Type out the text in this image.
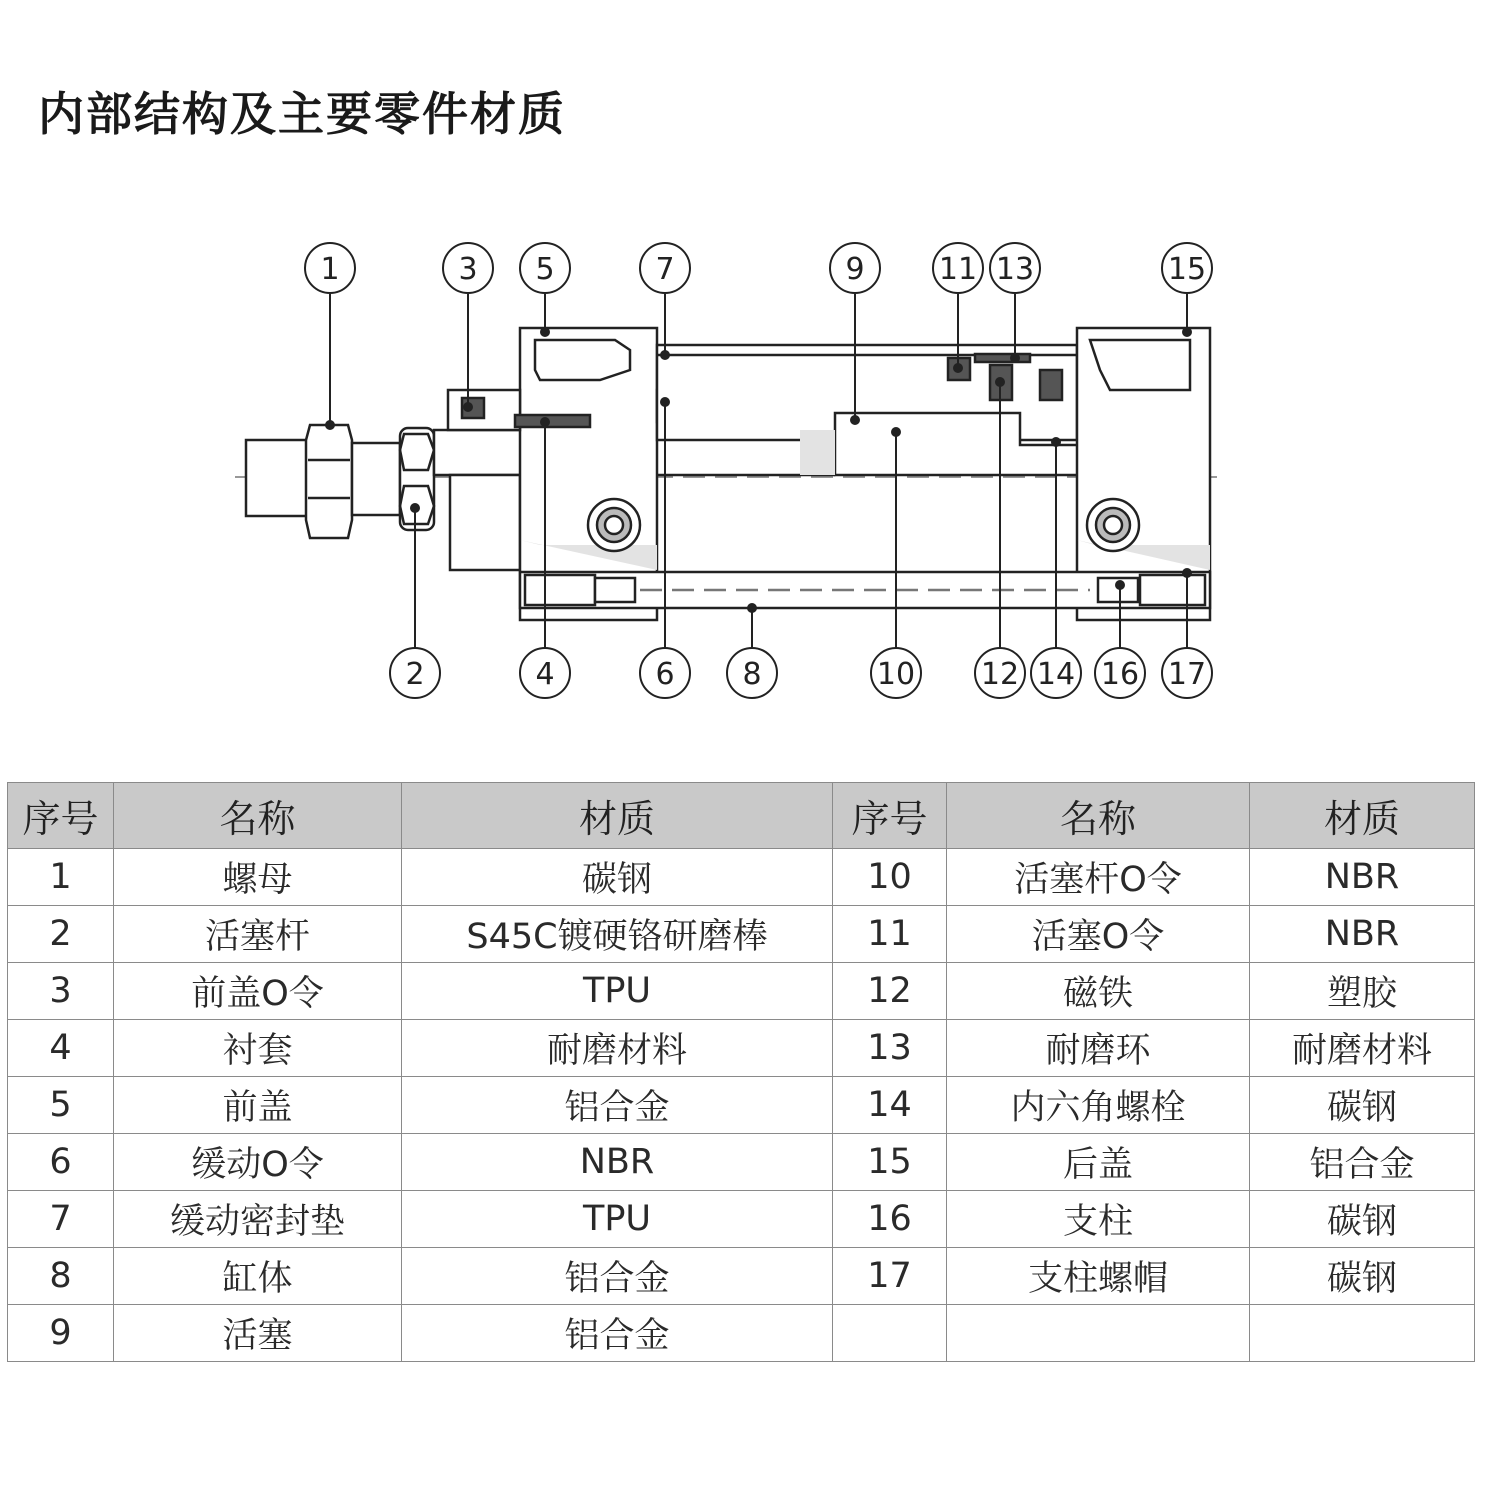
内部结构及主要零件材质
1	3 5	7	9 11 13	15
2	4	6 8	10 12 14 16 17
序号	名称	材质	序号	名称	材质
1	螺母	碳钢	10	活塞杆O令	NBR
2	活塞杆	S45C镀硬铬研磨棒	11	活塞O令	NBR
3	前盖O令	TPU	12	磁铁	塑胶
4	衬套	耐磨材料	13	耐磨环	耐磨材料
5	前盖	铝合金	14	内六角螺栓	碳钢
6	缓动O令	NBR	15	后盖	铝合金
7	缓动密封垫	TPU	16	支柱	碳钢
8	缸体	铝合金	17	支柱螺帽	碳钢
9	活塞	铝合金			
